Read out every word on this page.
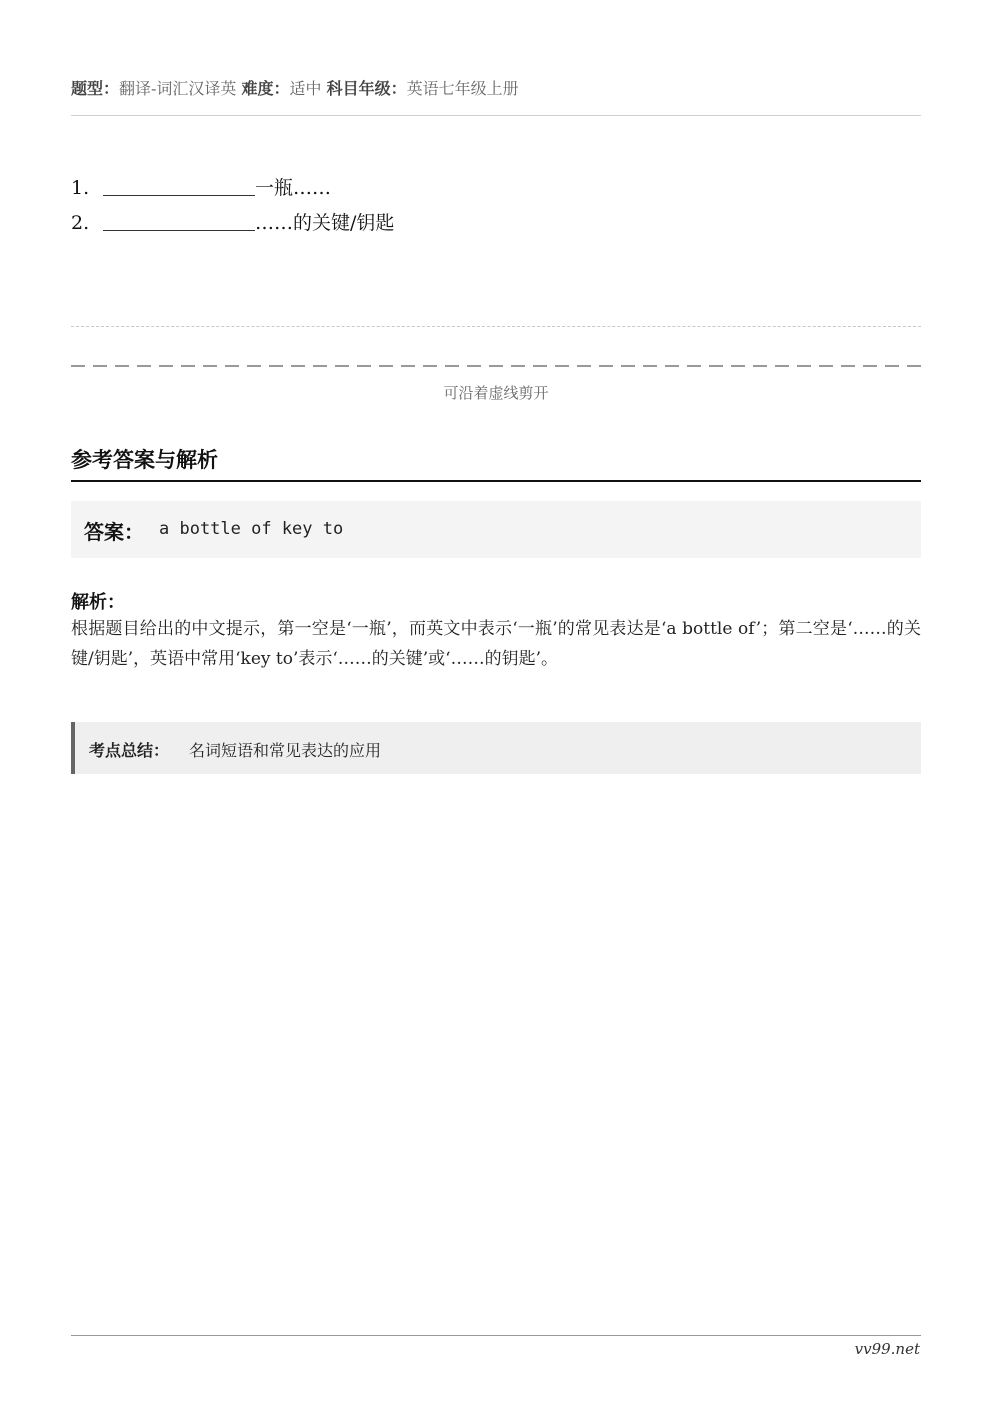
题型：翻译-词汇汉译英 难度：适中 科目年级：英语七年级上册
1.	一瓶……
2.	……的关键/钥匙
可沿着虚线剪开
参考答案与解析
答案： a bottle of key to
解析：
根据题目给出的中文提示，第一空是‘一瓶’，而英文中表示‘一瓶’的常见表达是‘a bottle of’；第二空是‘……的关键/钥匙’，英语中常用‘key to’表示‘……的关键’或‘……的钥匙’。
考点总结： 名词短语和常见表达的应用
vv99.net
